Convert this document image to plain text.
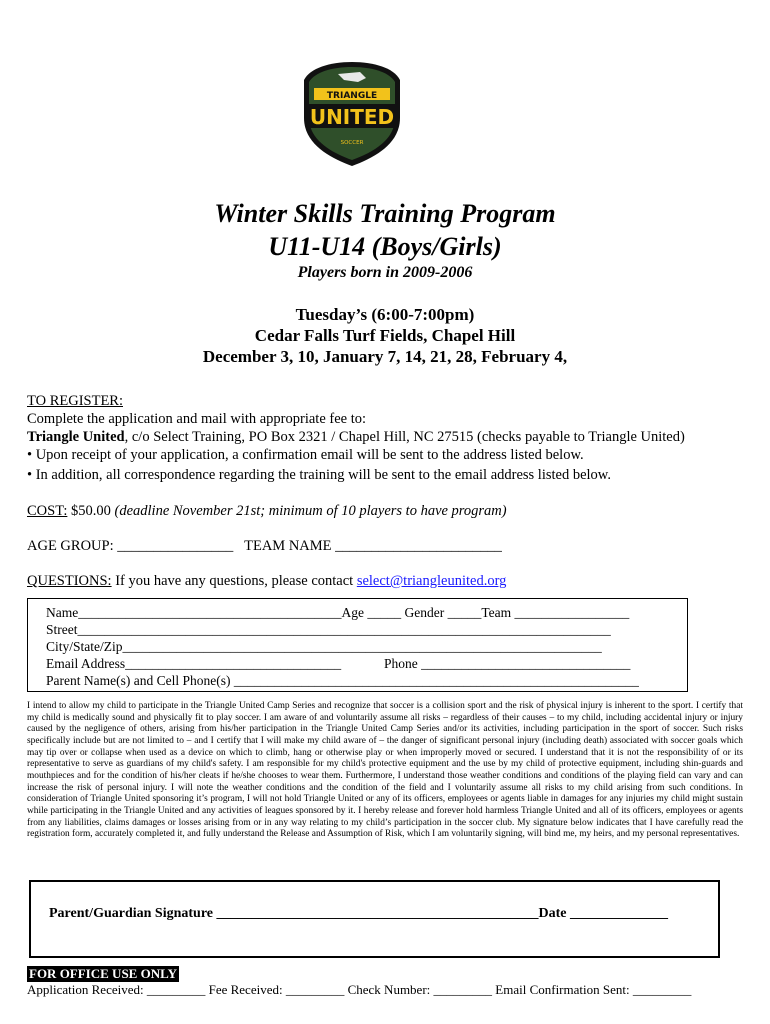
TRIANGLE
UNITED
SOCCER
Winter Skills Training Program
U11-U14 (Boys/Girls)
Players born in 2009-2006
Tuesday’s (6:00-7:00pm)
Cedar Falls Turf Fields, Chapel Hill
December 3, 10, January 7, 14, 21, 28, February 4,
TO REGISTER:
Complete the application and mail with appropriate fee to:
Triangle United, c/o Select Training, PO Box 2321 / Chapel Hill, NC 27515 (checks payable to Triangle United)
• Upon receipt of your application, a confirmation email will be sent to the address listed below.
• In addition, all correspondence regarding the training will be sent to the email address listed below.
COST: $50.00 (deadline November 21st; minimum of 10 players to have program)
AGE GROUP: ________________ TEAM NAME _______________________
QUESTIONS: If you have any questions, please contact select@triangleunited.org
Name_______________________________________Age _____ Gender _____Team _________________
Street_______________________________________________________________________________
City/State/Zip_______________________________________________________________________
Email Address________________________________	Phone _______________________________
Parent Name(s) and Cell Phone(s) ____________________________________________________________
I intend to allow my child to participate in the Triangle United Camp Series and recognize that soccer is a collision sport and the risk of physical injury is inherent to the sport. I certify that my child is medically sound and physically fit to play soccer. I am aware of and voluntarily assume all risks – regardless of their causes – to my child, including accidental injury or injury caused by the negligence of others, arising from his/her participation in the Triangle United Camp Series and/or its activities, including participation in the sport of soccer. Such risks specifically include but are not limited to – and I certify that I will make my child aware of – the danger of significant personal injury (including death) associated with soccer goals which may tip over or collapse when used as a device on which to climb, hang or otherwise play or when improperly moved or secured. I understand that it is not the responsibility of or its representative to serve as guardians of my child's safety. I am responsible for my child's protective equipment and the use by my child of protective equipment, including shin-guards and mouthpieces and for the condition of his/her cleats if he/she chooses to wear them. Furthermore, I understand those weather conditions and conditions of the playing field can vary and can increase the risk of personal injury. I will note the weather conditions and the condition of the field and I voluntarily assume all risks to my child arising from such conditions. In consideration of Triangle United sponsoring it’s program, I will not hold Triangle United or any of its officers, employees or agents liable in damages for any injuries my child might sustain while participating in the Triangle United and any activities of leagues sponsored by it. I hereby release and forever hold harmless Triangle United and all of its officers, employees or agents from any liabilities, claims damages or losses arising from or in any way relating to my child’s participation in the soccer club. My signature below indicates that I have carefully read the registration form, accurately completed it, and fully understand the Release and Assumption of Risk, which I am voluntarily signing, will bind me, my heirs, and my personal representatives.
Parent/Guardian Signature ______________________________________________Date ______________
FOR OFFICE USE ONLY
Application Received: _________ Fee Received: _________ Check Number: _________ Email Confirmation Sent: _________
